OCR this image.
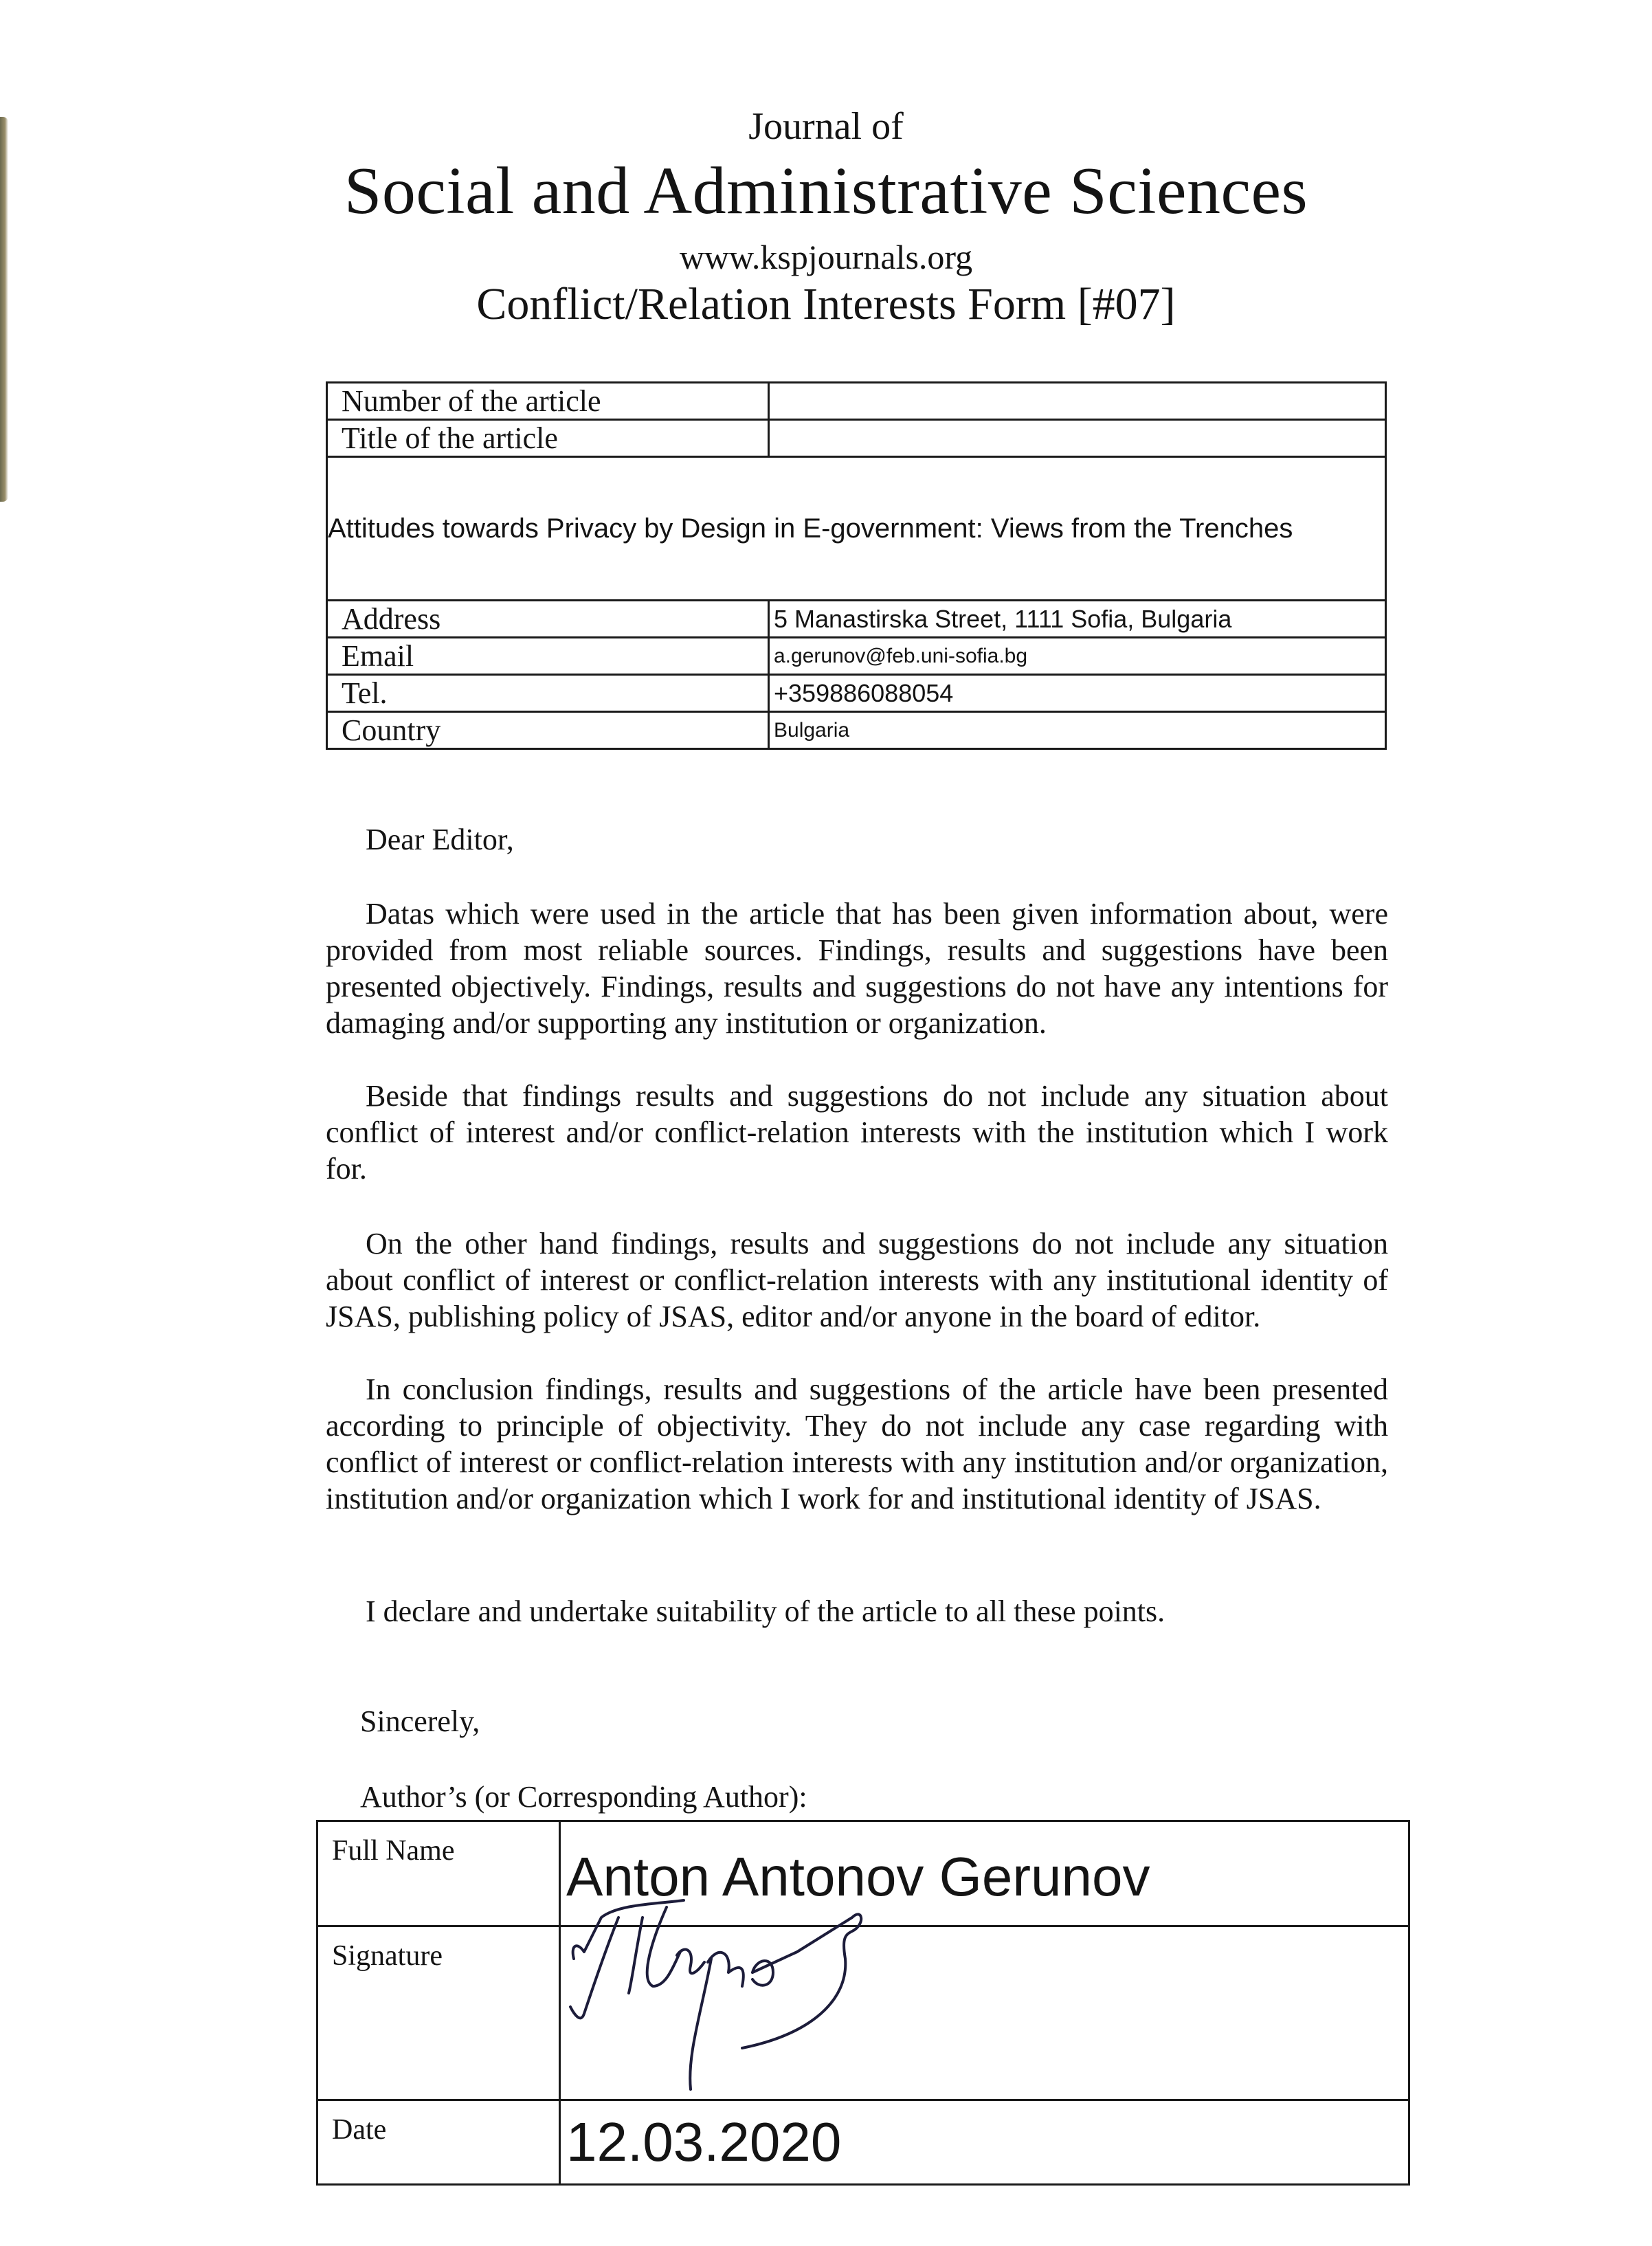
Journal of
Social and Administrative Sciences
www.kspjournals.org
Conflict/Relation Interests Form [#07]
Number of the article	
Title of the article	
Attitudes towards Privacy by Design in E-government: Views from the Trenches	
Address	5 Manastirska Street, 1111 Sofia, Bulgaria
Email	a.gerunov@feb.uni-sofia.bg
Tel.	+359886088054
Country	Bulgaria
Dear Editor,

Datas which were used in the article that has been given information about, were provided from most reliable sources. Findings, results and suggestions have been presented objectively. Findings, results and suggestions do not have any intentions for damaging and/or supporting any institution or organization.

Beside that findings results and suggestions do not include any situation about conflict of interest and/or conflict-relation interests with the institution which I work for.

On the other hand findings, results and suggestions do not include any situation about conflict of interest or conflict-relation interests with any institutional identity of JSAS, publishing policy of JSAS, editor and/or anyone in the board of editor.

In conclusion findings, results and suggestions of the article have been presented according to principle of objectivity. They do not include any case regarding with conflict of interest or conflict-relation interests with any institution and/or organization, institution and/or organization which I work for and institutional identity of JSAS.

I declare and undertake suitability of the article to all these points.

Sincerely,
Author’s (or Corresponding Author):
Full Name	Anton Antonov Gerunov
Signature	
Date	12.03.2020
